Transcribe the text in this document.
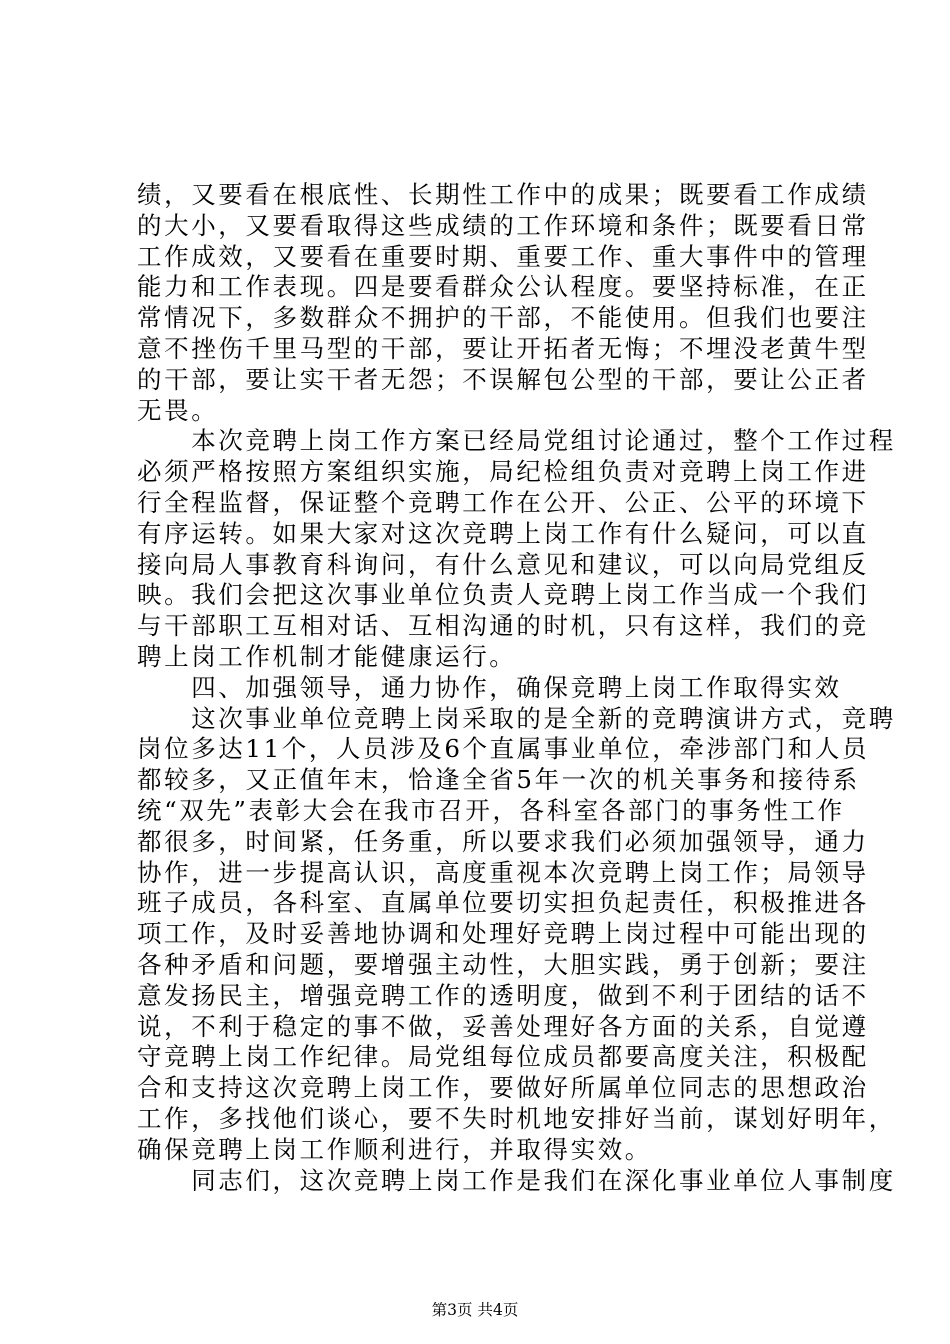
绩，又要看在根底性、长期性工作中的成果；既要看工作成绩
的大小，又要看取得这些成绩的工作环境和条件；既要看日常
工作成效，又要看在重要时期、重要工作、重大事件中的管理
能力和工作表现。四是要看群众公认程度。要坚持标准，在正
常情况下，多数群众不拥护的干部，不能使用。但我们也要注
意不挫伤千里马型的干部，要让开拓者无悔；不埋没老黄牛型
的干部，要让实干者无怨；不误解包公型的干部，要让公正者
无畏。
　　本次竞聘上岗工作方案已经局党组讨论通过，整个工作过程
必须严格按照方案组织实施，局纪检组负责对竞聘上岗工作进
行全程监督，保证整个竞聘工作在公开、公正、公平的环境下
有序运转。如果大家对这次竞聘上岗工作有什么疑问，可以直
接向局人事教育科询问，有什么意见和建议，可以向局党组反
映。我们会把这次事业单位负责人竞聘上岗工作当成一个我们
与干部职工互相对话、互相沟通的时机，只有这样，我们的竞
聘上岗工作机制才能健康运行。
　　四、加强领导，通力协作，确保竞聘上岗工作取得实效
　　这次事业单位竞聘上岗采取的是全新的竞聘演讲方式，竞聘
岗位多达11个，人员涉及6个直属事业单位，牵涉部门和人员
都较多，又正值年末，恰逢全省5年一次的机关事务和接待系
统“双先”表彰大会在我市召开，各科室各部门的事务性工作
都很多，时间紧，任务重，所以要求我们必须加强领导，通力
协作，进一步提高认识，高度重视本次竞聘上岗工作；局领导
班子成员，各科室、直属单位要切实担负起责任，积极推进各
项工作，及时妥善地协调和处理好竞聘上岗过程中可能出现的
各种矛盾和问题，要增强主动性，大胆实践，勇于创新；要注
意发扬民主，增强竞聘工作的透明度，做到不利于团结的话不
说，不利于稳定的事不做，妥善处理好各方面的关系，自觉遵
守竞聘上岗工作纪律。局党组每位成员都要高度关注，积极配
合和支持这次竞聘上岗工作，要做好所属单位同志的思想政治
工作，多找他们谈心，要不失时机地安排好当前，谋划好明年，
确保竞聘上岗工作顺利进行，并取得实效。
　　同志们，这次竞聘上岗工作是我们在深化事业单位人事制度
第3页 共4页
